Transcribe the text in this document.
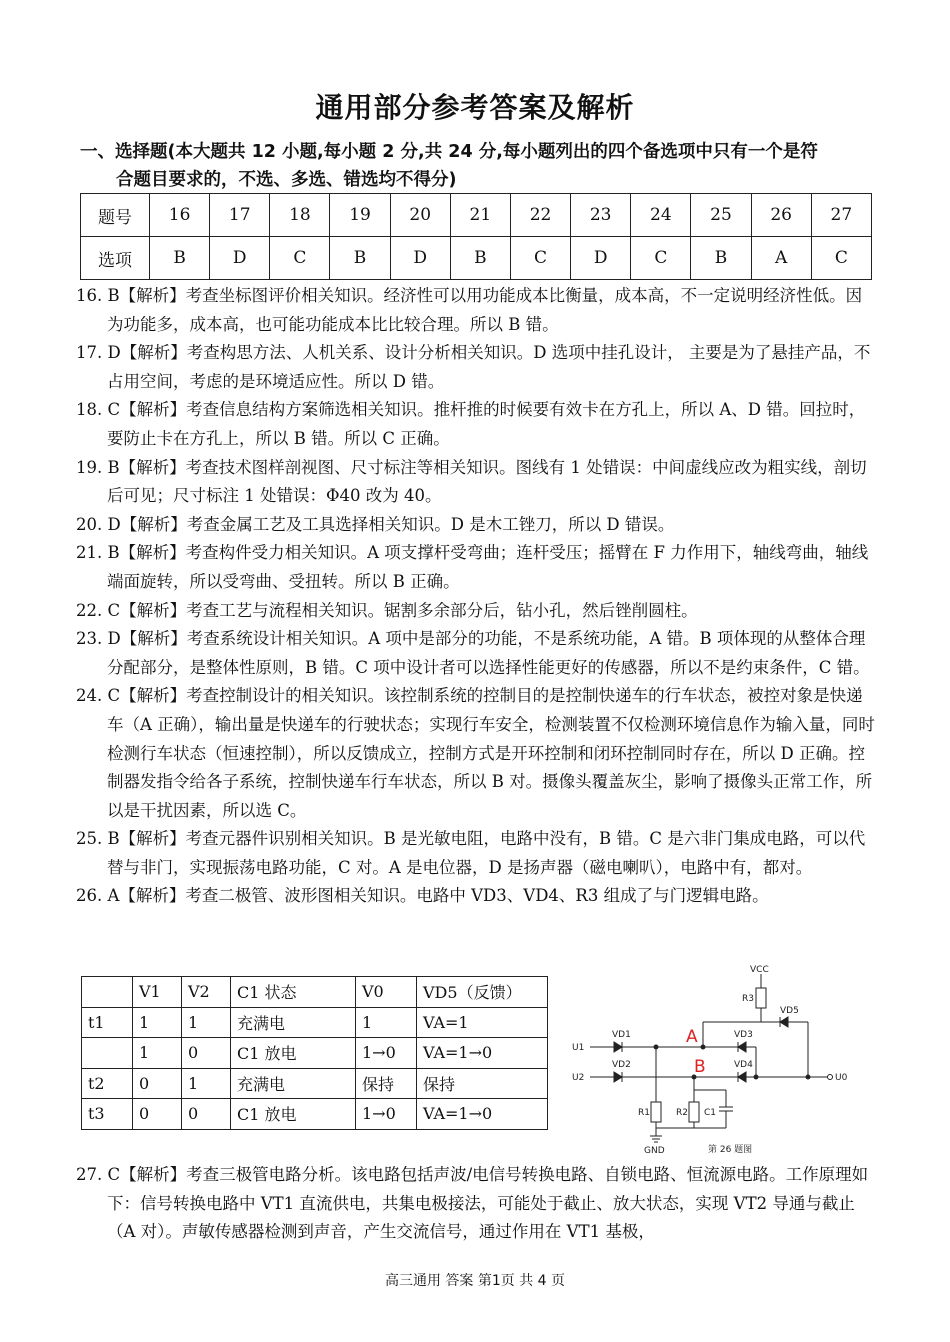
通用部分参考答案及解析
一、选择题(本大题共 12 小题,每小题 2 分,共 24 分,每小题列出的四个备选项中只有一个是符
合题目要求的，不选、多选、错选均不得分)
题号	16	17	18	19	20	21	22	23	24	25	26	27
选项	B	D	C	B	D	B	C	D	C	B	A	C

16. B【解析】考查坐标图评价相关知识。经济性可以用功能成本比衡量，成本高，不一定说明经济性低。因为功能多，成本高，也可能功能成本比比较合理。所以 B 错。

17. D【解析】考查构思方法、人机关系、设计分析相关知识。D 选项中挂孔设计， 主要是为了悬挂产品，不占用空间，考虑的是环境适应性。所以 D 错。

18. C【解析】考查信息结构方案筛选相关知识。推杆推的时候要有效卡在方孔上，所以 A、D 错。回拉时，要防止卡在方孔上，所以 B 错。所以 C 正确。

19. B【解析】考查技术图样剖视图、尺寸标注等相关知识。图线有 1 处错误：中间虚线应改为粗实线，剖切后可见；尺寸标注 1 处错误：Φ40 改为 40。

20. D【解析】考查金属工艺及工具选择相关知识。D 是木工锉刀，所以 D 错误。

21. B【解析】考查构件受力相关知识。A 项支撑杆受弯曲；连杆受压；摇臂在 F 力作用下，轴线弯曲，轴线端面旋转，所以受弯曲、受扭转。所以 B 正确。

22. C【解析】考查工艺与流程相关知识。锯割多余部分后，钻小孔，然后锉削圆柱。

23. D【解析】考查系统设计相关知识。A 项中是部分的功能，不是系统功能，A 错。B 项体现的从整体合理分配部分，是整体性原则，B 错。C 项中设计者可以选择性能更好的传感器，所以不是约束条件，C 错。

24. C【解析】考查控制设计的相关知识。该控制系统的控制目的是控制快递车的行车状态，被控对象是快递车（A 正确），输出量是快递车的行驶状态；实现行车安全，检测装置不仅检测环境信息作为输入量，同时检测行车状态（恒速控制），所以反馈成立，控制方式是开环控制和闭环控制同时存在，所以 D 正确。控制器发指令给各子系统，控制快递车行车状态，所以 B 对。摄像头覆盖灰尘，影响了摄像头正常工作，所以是干扰因素，所以选 C。

25. B【解析】考查元器件识别相关知识。B 是光敏电阻，电路中没有，B 错。C 是六非门集成电路，可以代替与非门，实现振荡电路功能，C 对。A 是电位器，D 是扬声器（磁电喇叭），电路中有，都对。

26. A【解析】考查二极管、波形图相关知识。电路中 VD3、VD4、R3 组成了与门逻辑电路。

	V1	V2	C1 状态	V0	VD5（反馈）
t1	1	1	充满电	1	VA=1
	1	0	C1 放电	1→0	VA=1→0
t2	0	1	充满电	保持	保持
t3	0	0	C1 放电	1→0	VA=1→0
VCC
R3
VD5
U1
VD1	VD3
A
U2
VD2	VD4
U0
B
R1	R2 C1
GND	第 26 题图

27. C【解析】考查三极管电路分析。该电路包括声波/电信号转换电路、自锁电路、恒流源电路。工作原理如下：信号转换电路中 VT1 直流供电，共集电极接法，可能处于截止、放大状态，实现 VT2 导通与截止（A 对）。声敏传感器检测到声音，产生交流信号，通过作用在 VT1 基极，

高三通用 答案 第1页 共 4 页
